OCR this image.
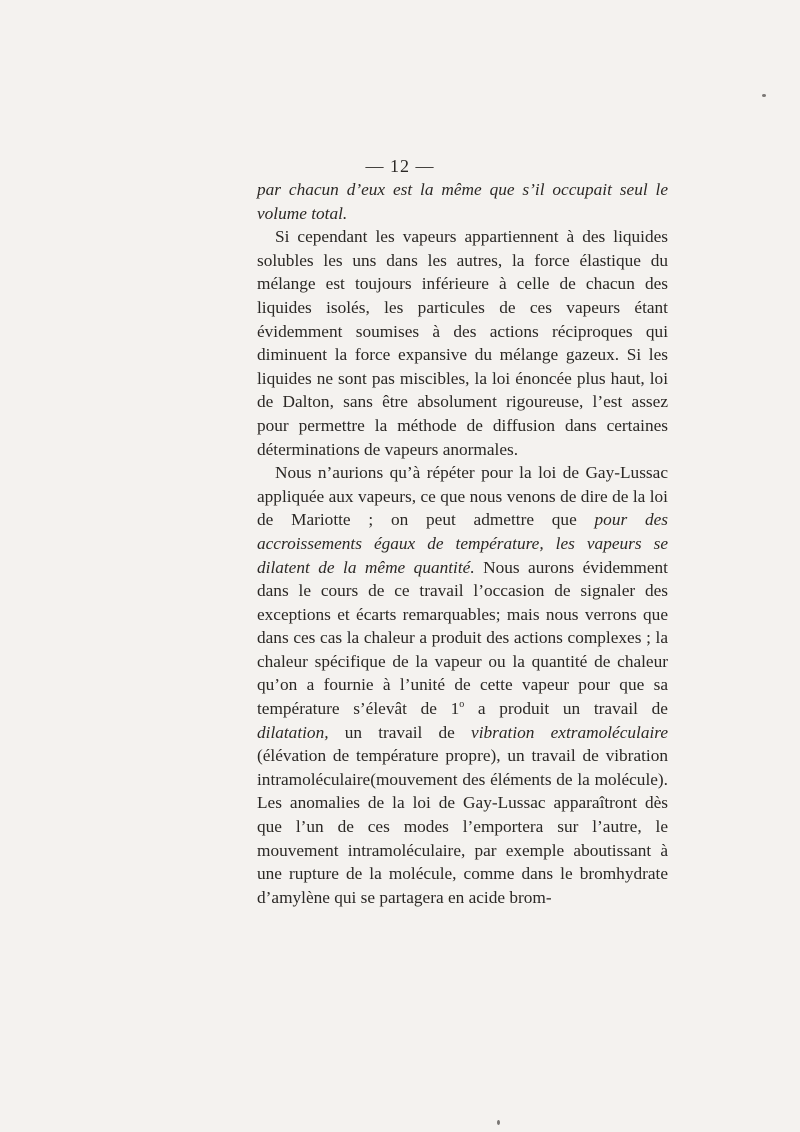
— 12 —

par chacun d’eux est la même que s’il occupait seul le volume total.

Si cependant les vapeurs appartiennent à des liquides solubles les uns dans les autres, la force élastique du mélange est toujours inférieure à celle de chacun des liquides isolés, les particules de ces vapeurs étant évidemment soumises à des actions réciproques qui diminuent la force expansive du mélange gazeux. Si les liquides ne sont pas miscibles, la loi énoncée plus haut, loi de Dalton, sans être absolument rigoureuse, l’est assez pour permettre la méthode de diffusion dans certaines déterminations de vapeurs anormales.

Nous n’aurions qu’à répéter pour la loi de Gay-Lussac appliquée aux vapeurs, ce que nous venons de dire de la loi de Mariotte ; on peut admettre que pour des accroissements égaux de température, les vapeurs se dilatent de la même quantité. Nous aurons évidemment dans le cours de ce travail l’occasion de signaler des exceptions et écarts remarquables; mais nous verrons que dans ces cas la chaleur a produit des actions complexes ; la chaleur spécifique de la vapeur ou la quantité de chaleur qu’on a fournie à l’unité de cette vapeur pour que sa température s’élevât de 1$^o$ a produit un travail de dilatation, un travail de vibration extramoléculaire (élévation de température propre), un travail de vibration intramoléculaire(mouvement des éléments de la molécule). Les anomalies de la loi de Gay-Lussac apparaîtront dès que l’un de ces modes l’emportera sur l’autre, le mouvement intramoléculaire, par exemple aboutissant à une rupture de la molécule, comme dans le bromhydrate d’amylène qui se partagera en acide brom-
